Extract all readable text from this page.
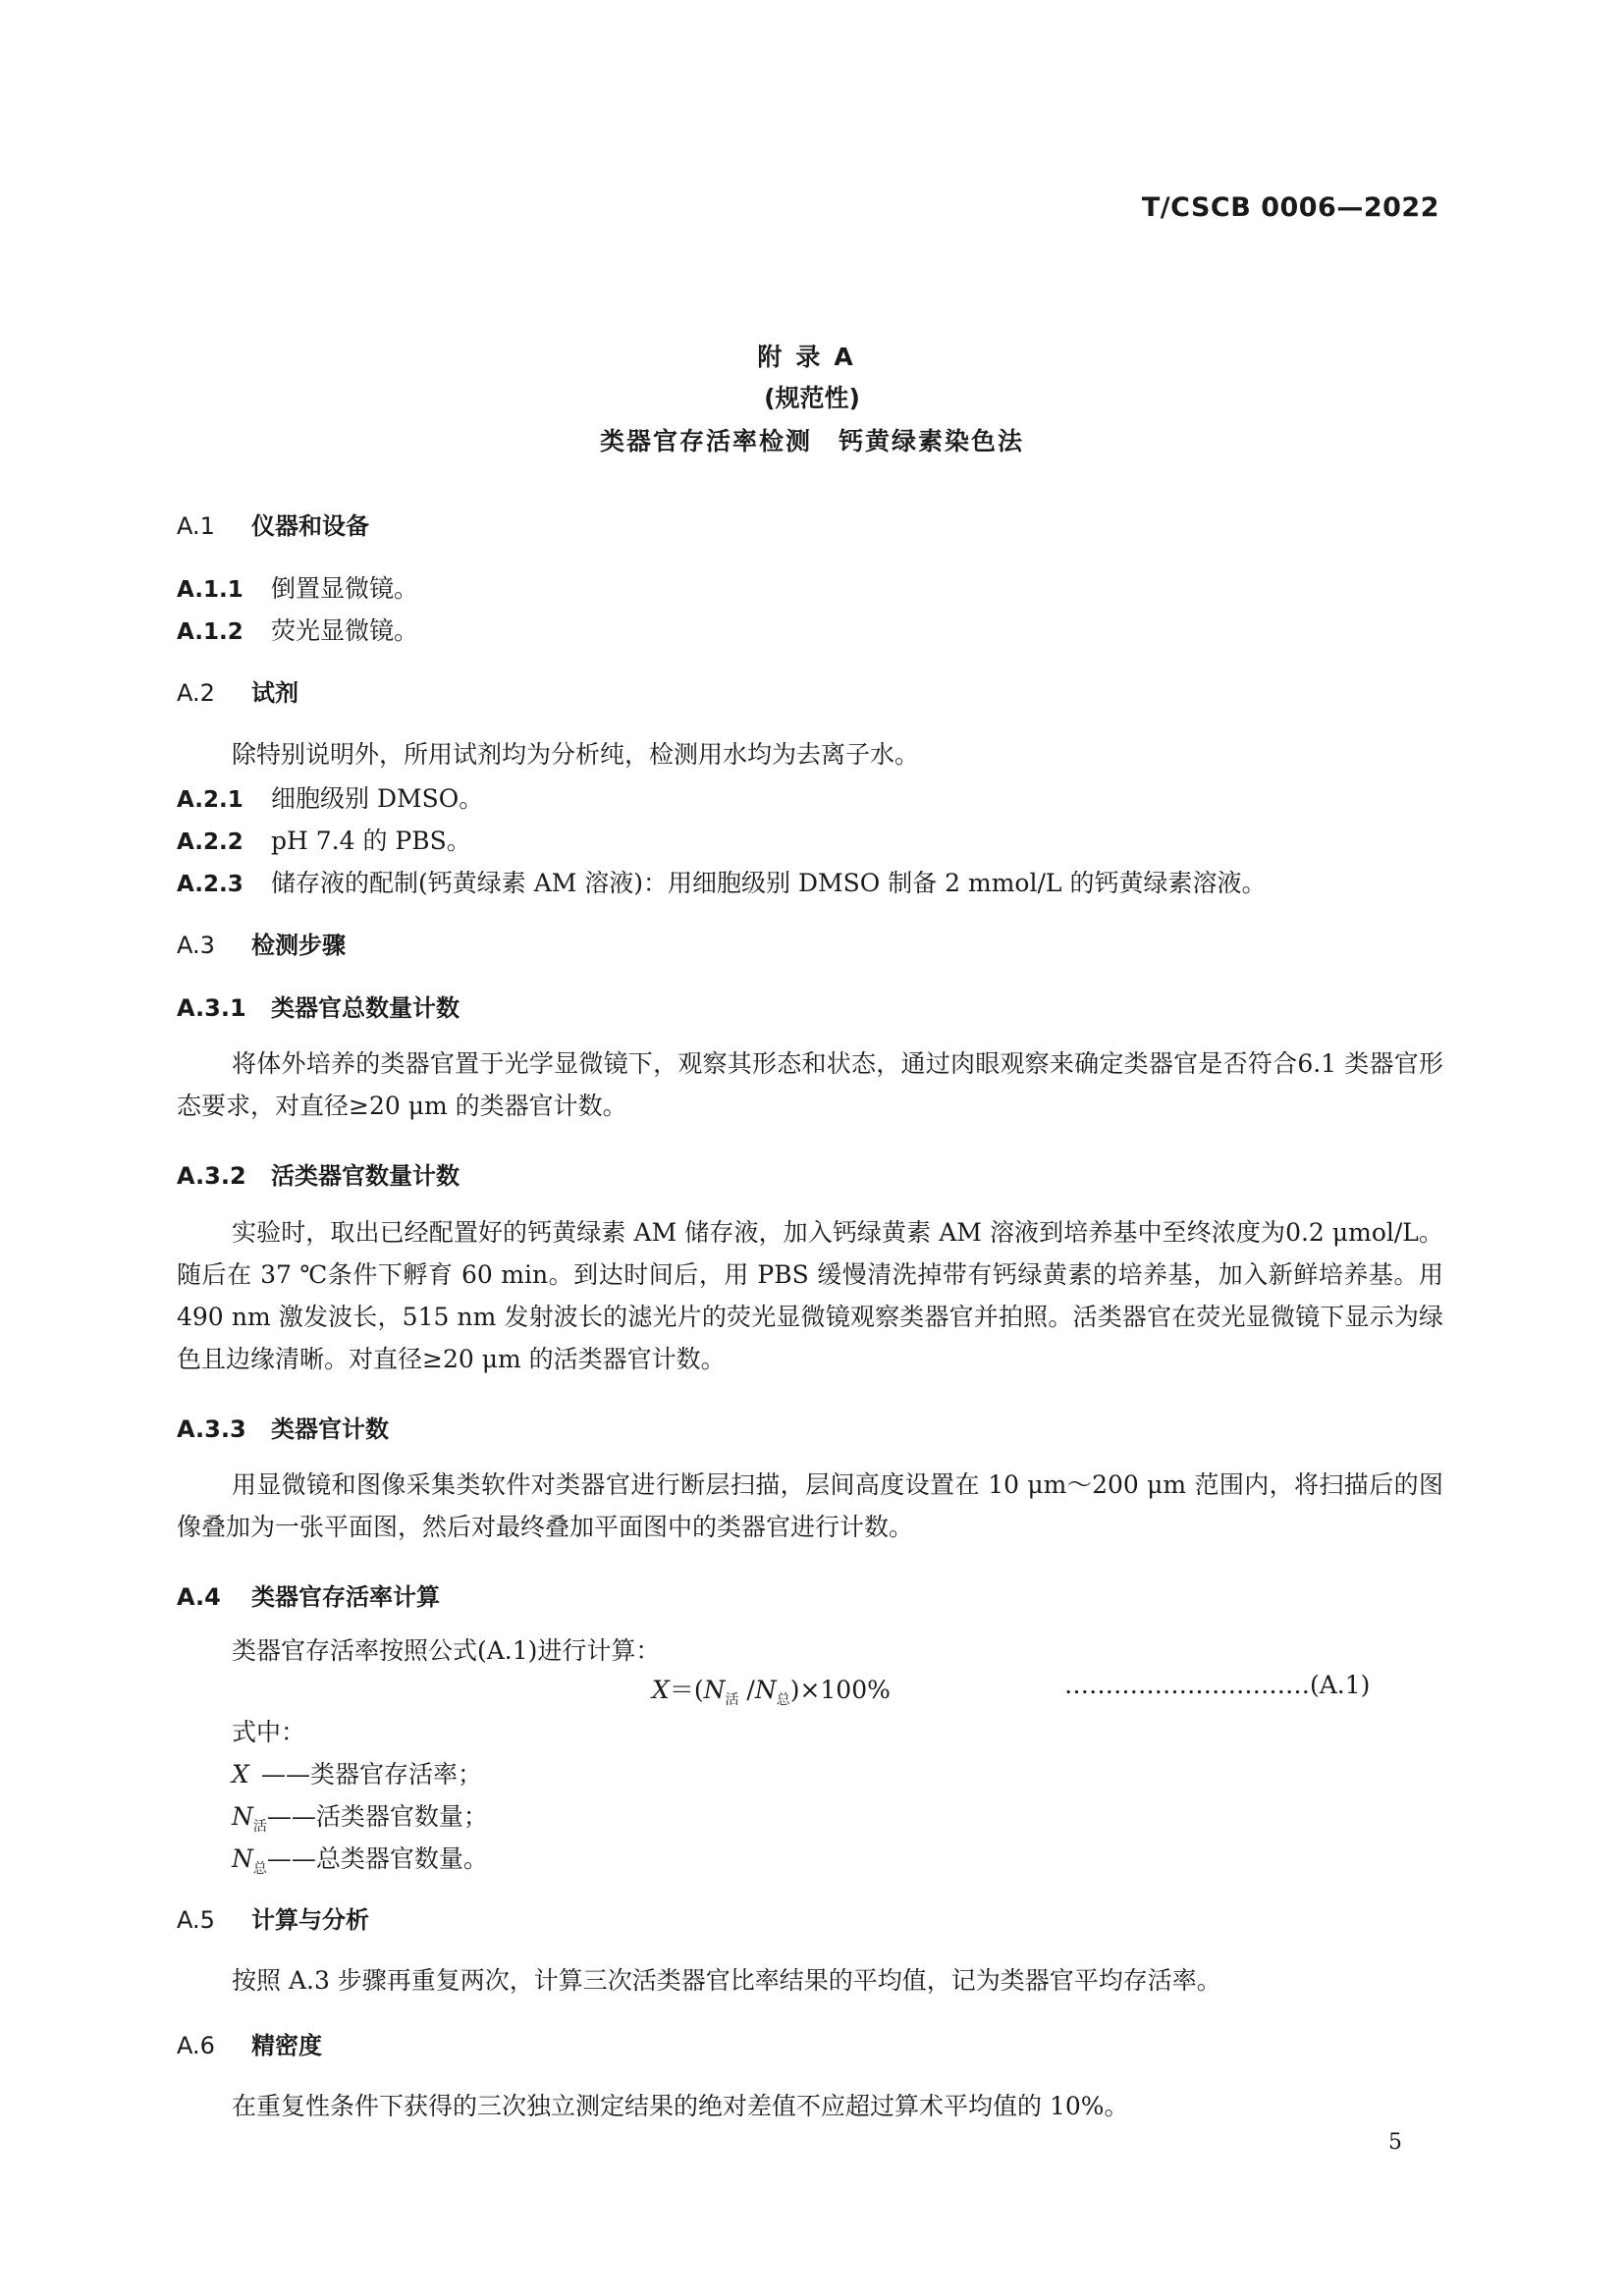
T/CSCB 0006—2022
附录A
(规范性)
类器官存活率检测　钙黄绿素染色法
A.1 仪器和设备
A.1.1 倒置显微镜。
A.1.2 荧光显微镜。
A.2 试剂
除特别说明外，所用试剂均为分析纯，检测用水均为去离子水。
A.2.1 细胞级别 DMSO。
A.2.2 pH 7.4 的 PBS。
A.2.3 储存液的配制(钙黄绿素 AM 溶液)：用细胞级别 DMSO 制备 2 mmol/L 的钙黄绿素溶液。
A.3 检测步骤
A.3.1 类器官总数量计数
将体外培养的类器官置于光学显微镜下，观察其形态和状态，通过肉眼观察来确定类器官是否符合6.1 类器官形态要求，对直径≥20 μm 的类器官计数。
A.3.2 活类器官数量计数
实验时，取出已经配置好的钙黄绿素 AM 储存液，加入钙绿黄素 AM 溶液到培养基中至终浓度为0.2 μmol/L。随后在 37 ℃条件下孵育 60 min。到达时间后，用 PBS 缓慢清洗掉带有钙绿黄素的培养基，加入新鲜培养基。用 490 nm 激发波长，515 nm 发射波长的滤光片的荧光显微镜观察类器官并拍照。活类器官在荧光显微镜下显示为绿色且边缘清晰。对直径≥20 μm 的活类器官计数。
A.3.3 类器官计数
用显微镜和图像采集类软件对类器官进行断层扫描，层间高度设置在 10 μm～200 μm 范围内，将扫描后的图像叠加为一张平面图，然后对最终叠加平面图中的类器官进行计数。
A.4 类器官存活率计算
类器官存活率按照公式(A.1)进行计算：
$X=(N_活$ $/N_总)\times 100\%$	…………………………(A.1)
式中：
X ——类器官存活率；
$N_活——$活类器官数量；
$N_总——$总类器官数量。
A.5 计算与分析
按照 A.3 步骤再重复两次，计算三次活类器官比率结果的平均值，记为类器官平均存活率。
A.6 精密度
在重复性条件下获得的三次独立测定结果的绝对差值不应超过算术平均值的 10%。
5
